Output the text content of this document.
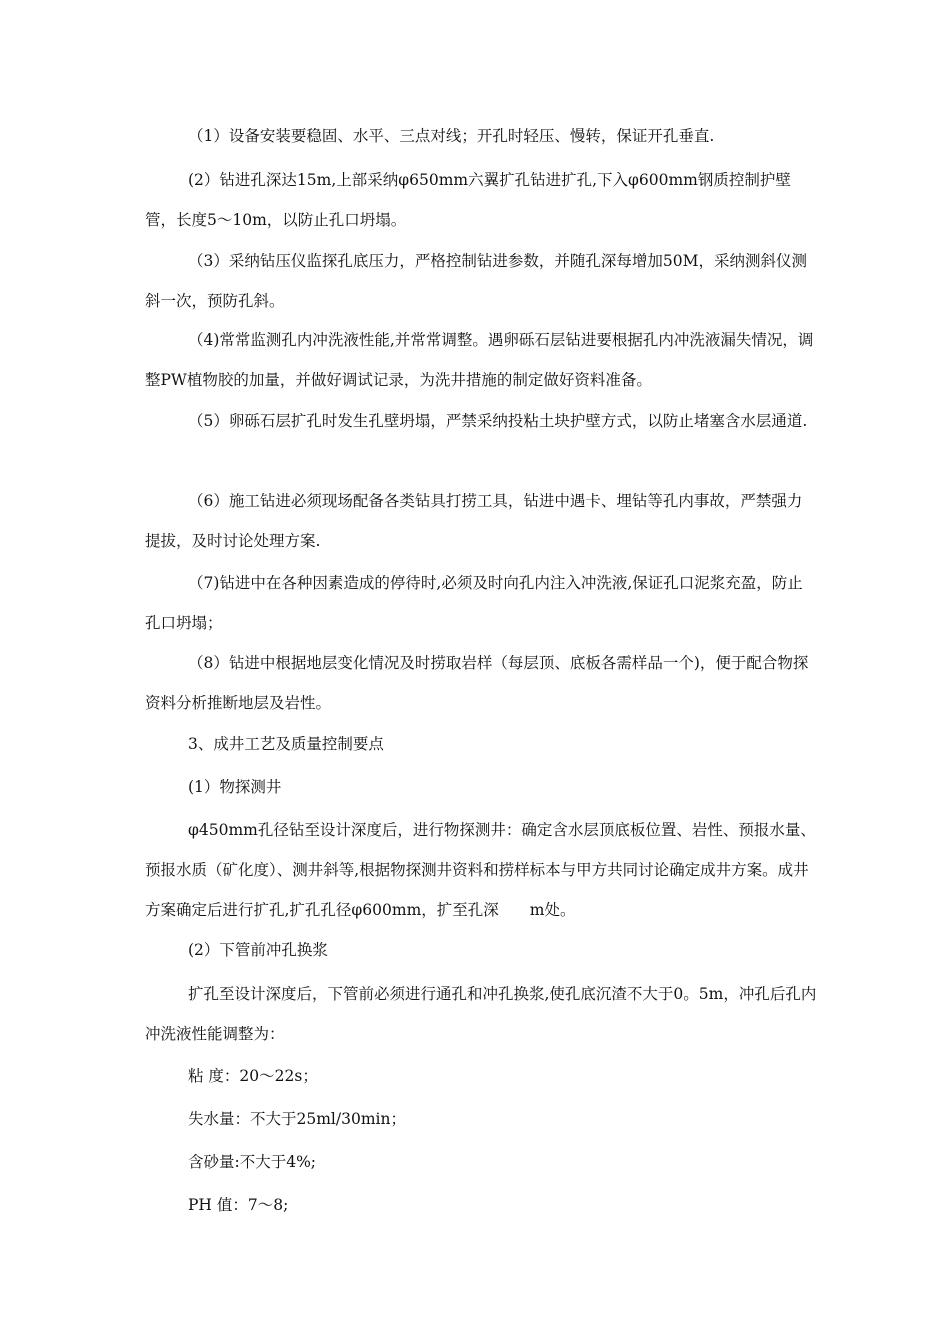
（1）设备安装要稳固、水平、三点对线；开孔时轻压、慢转，保证开孔垂直.

(2）钻进孔深达15m,上部采纳φ650mm六翼扩孔钻进扩孔,下入φ600mm钢质控制护壁管，长度5～10m，以防止孔口坍塌。

（3）采纳钻压仪监探孔底压力，严格控制钻进参数，并随孔深每增加50M，采纳测斜仪测斜一次，预防孔斜。

（4)常常监测孔内冲洗液性能,并常常调整。遇卵砾石层钻进要根据孔内冲洗液漏失情况，调整PW植物胶的加量，并做好调试记录，为洗井措施的制定做好资料准备。

（5）卵砾石层扩孔时发生孔壁坍塌，严禁采纳投粘土块护壁方式，以防止堵塞含水层通道.

（6）施工钻进必须现场配备各类钻具打捞工具，钻进中遇卡、埋钻等孔内事故，严禁强力提拔，及时讨论处理方案.

（7)钻进中在各种因素造成的停待时,必须及时向孔内注入冲洗液,保证孔口泥浆充盈，防止孔口坍塌；

（8）钻进中根据地层变化情况及时捞取岩样（每层顶、底板各需样品一个)，便于配合物探资料分析推断地层及岩性。

3、成井工艺及质量控制要点

(1）物探测井

φ450mm孔径钻至设计深度后，进行物探测井：确定含水层顶底板位置、岩性、预报水量、预报水质（矿化度）、测井斜等,根据物探测井资料和捞样标本与甲方共同讨论确定成井方案。成井方案确定后进行扩孔,扩孔孔径φ600mm，扩至孔深　　m处。

(2）下管前冲孔换浆

扩孔至设计深度后，下管前必须进行通孔和冲孔换浆,使孔底沉渣不大于0。5m，冲孔后孔内冲洗液性能调整为：

粘 度：20～22s；

失水量：不大于25ml/30min；

含砂量:不大于4%;

PH 值：7～8;
